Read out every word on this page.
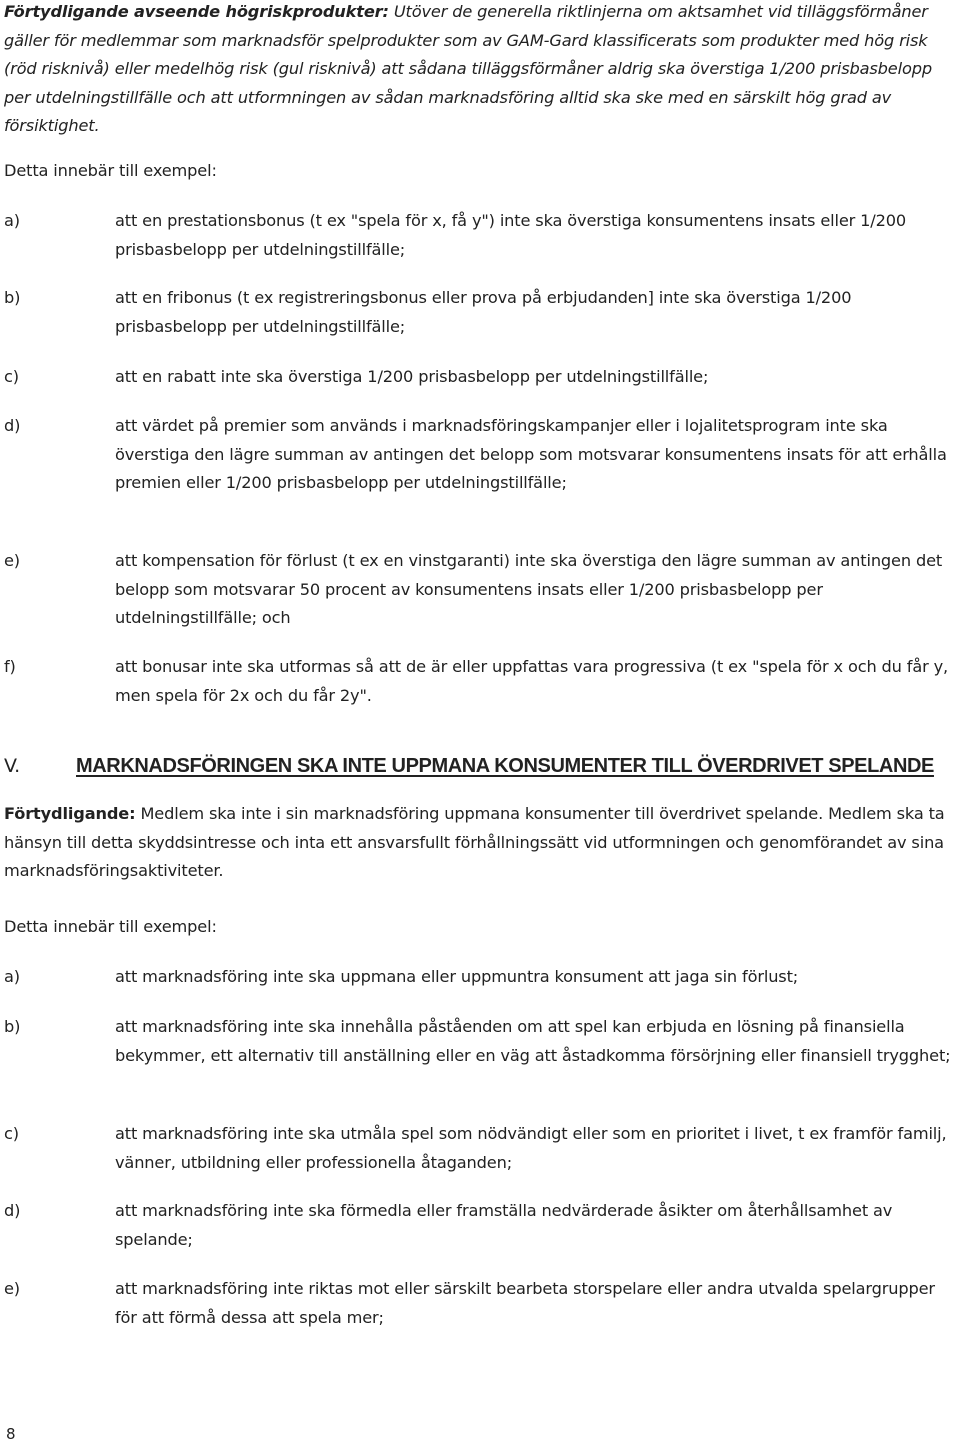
Förtydligande avseende högriskprodukter: Utöver de generella riktlinjerna om aktsamhet vid tilläggsförmåner gäller för medlemmar som marknadsför spelprodukter som av GAM-Gard klassificerats som produkter med hög risk (röd risknivå) eller medelhög risk (gul risknivå) att sådana tilläggsförmåner aldrig ska överstiga 1/200 prisbasbelopp per utdelningstillfälle och att utformningen av sådan marknadsföring alltid ska ske med en särskilt hög grad av försiktighet.
Detta innebär till exempel:
a)	att en prestationsbonus (t ex "spela för x, få y") inte ska överstiga konsumentens insats eller 1/200 prisbasbelopp per utdelningstillfälle;
b)	att en fribonus (t ex registreringsbonus eller prova på erbjudanden] inte ska överstiga 1/200 prisbasbelopp per utdelningstillfälle;
c)	att en rabatt inte ska överstiga 1/200 prisbasbelopp per utdelningstillfälle;
d)	att värdet på premier som används i marknadsföringskampanjer eller i lojalitetsprogram inte ska överstiga den lägre summan av antingen det belopp som motsvarar konsumentens insats för att erhålla premien eller 1/200 prisbasbelopp per utdelningstillfälle;
e)	att kompensation för förlust (t ex en vinstgaranti) inte ska överstiga den lägre summan av antingen det belopp som motsvarar 50 procent av konsumentens insats eller 1/200 prisbasbelopp per utdelningstillfälle; och
f)	att bonusar inte ska utformas så att de är eller uppfattas vara progressiva (t ex "spela för x och du får y, men spela för 2x och du får 2y".
V.	MARKNADSFÖRINGEN SKA INTE UPPMANA KONSUMENTER TILL ÖVERDRIVET SPELANDE
Förtydligande: Medlem ska inte i sin marknadsföring uppmana konsumenter till överdrivet spelande. Medlem ska ta hänsyn till detta skyddsintresse och inta ett ansvarsfullt förhållningssätt vid utformningen och genomförandet av sina marknadsföringsaktiviteter.
Detta innebär till exempel:
a)	att marknadsföring inte ska uppmana eller uppmuntra konsument att jaga sin förlust;
b)	att marknadsföring inte ska innehålla påståenden om att spel kan erbjuda en lösning på finansiella bekymmer, ett alternativ till anställning eller en väg att åstadkomma försörjning eller finansiell trygghet;
c)	att marknadsföring inte ska utmåla spel som nödvändigt eller som en prioritet i livet, t ex framför familj, vänner, utbildning eller professionella åtaganden;
d)	att marknadsföring inte ska förmedla eller framställa nedvärderade åsikter om återhållsamhet av spelande;
e)	att marknadsföring inte riktas mot eller särskilt bearbeta storspelare eller andra utvalda spelargrupper för att förmå dessa att spela mer;
8
